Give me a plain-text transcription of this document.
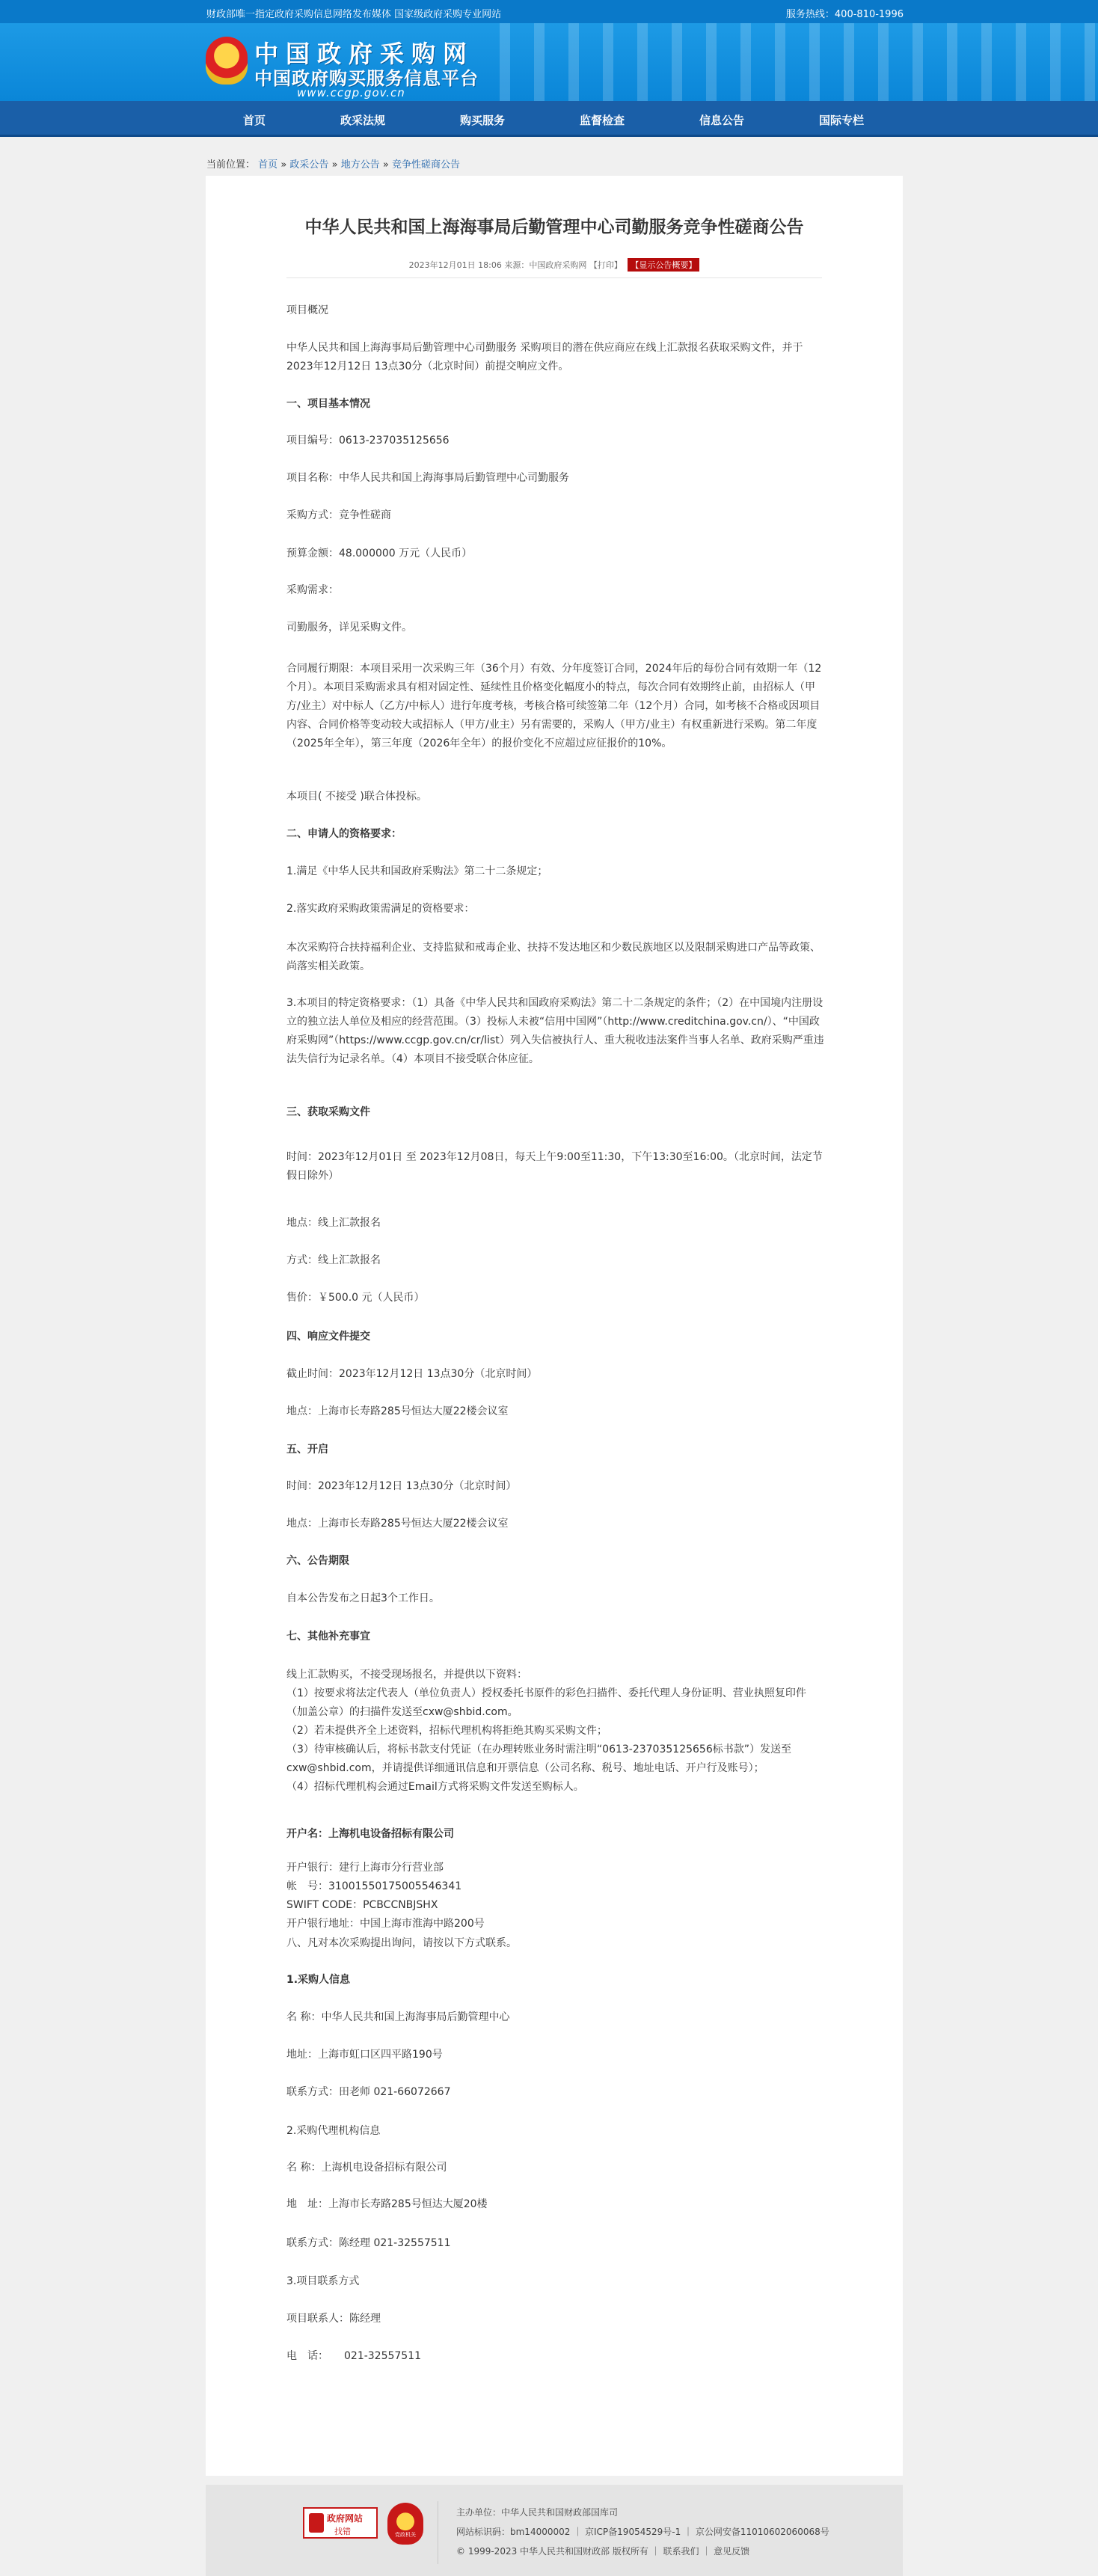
财政部唯一指定政府采购信息网络发布媒体 国家级政府采购专业网站	服务热线：400-810-1996
中国政府采购网
中国政府购买服务信息平台
www.ccgp.gov.cn
首页	政采法规	购买服务	监督检查	信息公告	国际专栏
当前位置： 首页 » 政采公告 » 地方公告 » 竞争性磋商公告
中华人民共和国上海海事局后勤管理中心司勤服务竞争性磋商公告
2023年12月01日 18:06 来源：中国政府采购网 【打印】 【显示公告概要】
项目概况
中华人民共和国上海海事局后勤管理中心司勤服务 采购项目的潜在供应商应在线上汇款报名获取采购文件，并于2023年12月12日 13点30分（北京时间）前提交响应文件。
一、项目基本情况
项目编号：0613-237035125656
项目名称：中华人民共和国上海海事局后勤管理中心司勤服务
采购方式：竞争性磋商
预算金额：48.000000 万元（人民币）
采购需求：
司勤服务，详见采购文件。
合同履行期限：本项目采用一次采购三年（36个月）有效、分年度签订合同，2024年后的每份合同有效期一年（12个月）。本项目采购需求具有相对固定性、延续性且价格变化幅度小的特点，每次合同有效期终止前，由招标人（甲方/业主）对中标人（乙方/中标人）进行年度考核，考核合格可续签第二年（12个月）合同，如考核不合格或因项目内容、合同价格等变动较大或招标人（甲方/业主）另有需要的，采购人（甲方/业主）有权重新进行采购。第二年度（2025年全年），第三年度（2026年全年）的报价变化不应超过应征报价的10%。
本项目( 不接受 )联合体投标。
二、申请人的资格要求：
1.满足《中华人民共和国政府采购法》第二十二条规定；
2.落实政府采购政策需满足的资格要求：
本次采购符合扶持福利企业、支持监狱和戒毒企业、扶持不发达地区和少数民族地区以及限制采购进口产品等政策、尚落实相关政策。
3.本项目的特定资格要求：（1）具备《中华人民共和国政府采购法》第二十二条规定的条件；（2）在中国境内注册设立的独立法人单位及相应的经营范围。（3）投标人未被“信用中国网”（http://www.creditchina.gov.cn/）、“中国政府采购网”（https://www.ccgp.gov.cn/cr/list）列入失信被执行人、重大税收违法案件当事人名单、政府采购严重违法失信行为记录名单。（4）本项目不接受联合体应征。
三、获取采购文件
时间：2023年12月01日 至 2023年12月08日，每天上午9:00至11:30，下午13:30至16:00。（北京时间，法定节假日除外）
地点：线上汇款报名
方式：线上汇款报名
售价：￥500.0 元（人民币）
四、响应文件提交
截止时间：2023年12月12日 13点30分（北京时间）
地点：上海市长寿路285号恒达大厦22楼会议室
五、开启
时间：2023年12月12日 13点30分（北京时间）
地点：上海市长寿路285号恒达大厦22楼会议室
六、公告期限
自本公告发布之日起3个工作日。
七、其他补充事宜
线上汇款购买，不接受现场报名，并提供以下资料：
（1）按要求将法定代表人（单位负责人）授权委托书原件的彩色扫描件、委托代理人身份证明、营业执照复印件（加盖公章）的扫描件发送至cxw@shbid.com。
（2）若未提供齐全上述资料，招标代理机构将拒绝其购买采购文件；
（3）待审核确认后，将标书款支付凭证（在办理转账业务时需注明“0613-237035125656标书款”）发送至cxw@shbid.com，并请提供详细通讯信息和开票信息（公司名称、税号、地址电话、开户行及账号）；
（4）招标代理机构会通过Email方式将采购文件发送至购标人。
开户名：上海机电设备招标有限公司
开户银行：建行上海市分行营业部
帐　号：31001550175005546341
SWIFT CODE：PCBCCNBJSHX
开户银行地址：中国上海市淮海中路200号
八、凡对本次采购提出询问，请按以下方式联系。
1.采购人信息
名 称：中华人民共和国上海海事局后勤管理中心
地址：上海市虹口区四平路190号
联系方式：田老师 021-66072667
2.采购代理机构信息
名 称：上海机电设备招标有限公司
地　址：上海市长寿路285号恒达大厦20楼
联系方式：陈经理 021-32557511
3.项目联系方式
项目联系人：陈经理
电　话：　　021-32557511
政府网站
找错	党政机关
主办单位：中华人民共和国财政部国库司
网站标识码：bm14000002 ｜ 京ICP备19054529号-1 ｜ 京公网安备11010602060068号
© 1999-2023 中华人民共和国财政部 版权所有 ｜ 联系我们 ｜ 意见反馈
